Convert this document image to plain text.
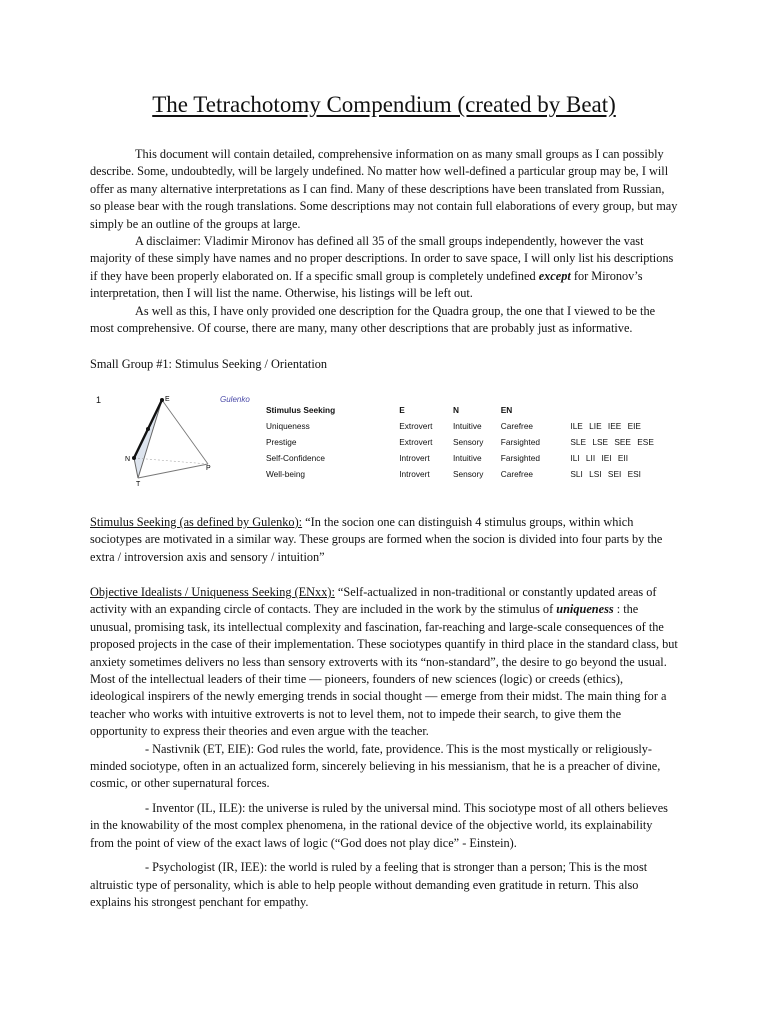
The Tetrachotomy Compendium (created by Beat)

This document will contain detailed, comprehensive information on as many small groups as I can possibly describe. Some, undoubtedly, will be largely undefined. No matter how well-defined a particular group may be, I will offer as many alternative interpretations as I can find. Many of these descriptions have been translated from Russian, so please bear with the rough translations. Some descriptions may not contain full elaborations of every group, but may simply be an outline of the groups at large.

A disclaimer: Vladimir Mironov has defined all 35 of the small groups independently, however the vast majority of these simply have names and no proper descriptions. In order to save space, I will only list his descriptions if they have been properly elaborated on. If a specific small group is completely undefined except for Mironov’s interpretation, then I will list the name. Otherwise, his listings will be left out.

As well as this, I have only provided one description for the Quadra group, the one that I viewed to be the most comprehensive. Of course, there are many, many other descriptions that are probably just as informative.

Small Group #1: Stimulus Seeking / Orientation
E
N
P
T
1	Gulenko
Stimulus Seeking	E	N	EN	
Uniqueness	Extrovert	Intuitive	Carefree	ILE LIE IEE EIE
Prestige	Extrovert	Sensory	Farsighted	SLE LSE SEE ESE
Self-Confidence	Introvert	Intuitive	Farsighted	ILI LII IEI EII
Well-being	Introvert	Sensory	Carefree	SLI LSI SEI ESI

Stimulus Seeking (as defined by Gulenko): “In the socion one can distinguish 4 stimulus groups, within which sociotypes are motivated in a similar way. These groups are formed when the socion is divided into four parts by the extra / introversion axis and sensory / intuition”

Objective Idealists / Uniqueness Seeking (ENxx): “Self-actualized in non-traditional or constantly updated areas of activity with an expanding circle of contacts. They are included in the work by the stimulus of uniqueness : the unusual, promising task, its intellectual complexity and fascination, far-reaching and large-scale consequences of the proposed projects in the case of their implementation. These sociotypes quantify in third place in the standard class, but anxiety sometimes delivers no less than sensory extroverts with its “non-standard”, the desire to go beyond the usual. Most of the intellectual leaders of their time — pioneers, founders of new sciences (logic) or creeds (ethics), ideological inspirers of the newly emerging trends in social thought — emerge from their midst. The main thing for a teacher who works with intuitive extroverts is not to level them, not to impede their search, to give them the opportunity to express their theories and even argue with the teacher.

- Nastivnik (ET, EIE): God rules the world, fate, providence. This is the most mystically or religiously-minded sociotype, often in an actualized form, sincerely believing in his messianism, that he is a preacher of divine, cosmic, or other supernatural forces.

- Inventor (IL, ILE): the universe is ruled by the universal mind. This sociotype most of all others believes in the knowability of the most complex phenomena, in the rational device of the objective world, its explainability from the point of view of the exact laws of logic (“God does not play dice” - Einstein).

- Psychologist (IR, IEE): the world is ruled by a feeling that is stronger than a person; This is the most altruistic type of personality, which is able to help people without demanding even gratitude in return. This also explains his strongest penchant for empathy.
